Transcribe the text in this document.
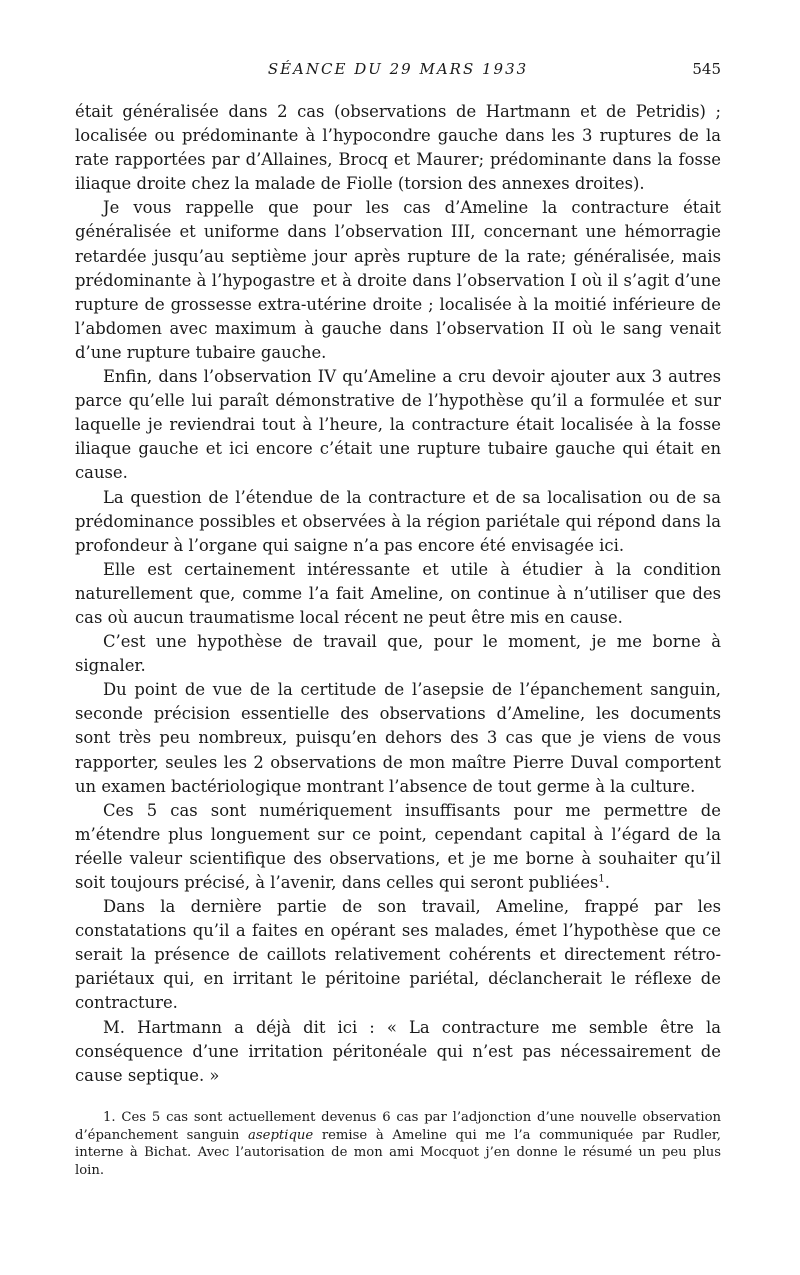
SÉANCE DU 29 MARS 1933	545

était généralisée dans 2 cas (observations de Hartmann et de Petridis) ; localisée ou prédominante à l’hypocondre gauche dans les 3 ruptures de la rate rapportées par d’Allaines, Brocq et Maurer; prédominante dans la fosse iliaque droite chez la malade de Fiolle (torsion des annexes droites).

Je vous rappelle que pour les cas d’Ameline la contracture était généralisée et uniforme dans l’observation III, concernant une hémorragie retardée jusqu’au septième jour après rupture de la rate; généralisée, mais prédominante à l’hypogastre et à droite dans l’observation I où il s’agit d’une rupture de grossesse extra-utérine droite ; localisée à la moitié inférieure de l’abdomen avec maximum à gauche dans l’observation II où le sang venait d’une rupture tubaire gauche.

Enfin, dans l’observation IV qu’Ameline a cru devoir ajouter aux 3 autres parce qu’elle lui paraît démonstrative de l’hypothèse qu’il a formulée et sur laquelle je reviendrai tout à l’heure, la contracture était localisée à la fosse iliaque gauche et ici encore c’était une rupture tubaire gauche qui était en cause.

La question de l’étendue de la contracture et de sa localisation ou de sa prédominance possibles et observées à la région pariétale qui répond dans la profondeur à l’organe qui saigne n’a pas encore été envisagée ici.

Elle est certainement intéressante et utile à étudier à la condition naturellement que, comme l’a fait Ameline, on continue à n’utiliser que des cas où aucun traumatisme local récent ne peut être mis en cause.

C’est une hypothèse de travail que, pour le moment, je me borne à signaler.

Du point de vue de la certitude de l’asepsie de l’épanchement sanguin, seconde précision essentielle des observations d’Ameline, les documents sont très peu nombreux, puisqu’en dehors des 3 cas que je viens de vous rapporter, seules les 2 observations de mon maître Pierre Duval comportent un examen bactériologique montrant l’absence de tout germe à la culture.

Ces 5 cas sont numériquement insuffisants pour me permettre de m’étendre plus longuement sur ce point, cependant capital à l’égard de la réelle valeur scientifique des observations, et je me borne à souhaiter qu’il soit toujours précisé, à l’avenir, dans celles qui seront publiées$^1$.

Dans la dernière partie de son travail, Ameline, frappé par les constatations qu’il a faites en opérant ses malades, émet l’hypothèse que ce serait la présence de caillots relativement cohérents et directement rétro-pariétaux qui, en irritant le péritoine pariétal, déclancherait le réflexe de contracture.

M. Hartmann a déjà dit ici : « La contracture me semble être la conséquence d’une irritation péritonéale qui n’est pas nécessairement de cause septique. »

1. Ces 5 cas sont actuellement devenus 6 cas par l’adjonction d’une nouvelle observation d’épanchement sanguin aseptique remise à Ameline qui me l’a communiquée par Rudler, interne à Bichat. Avec l’autorisation de mon ami Mocquot j’en donne le résumé un peu plus loin.
